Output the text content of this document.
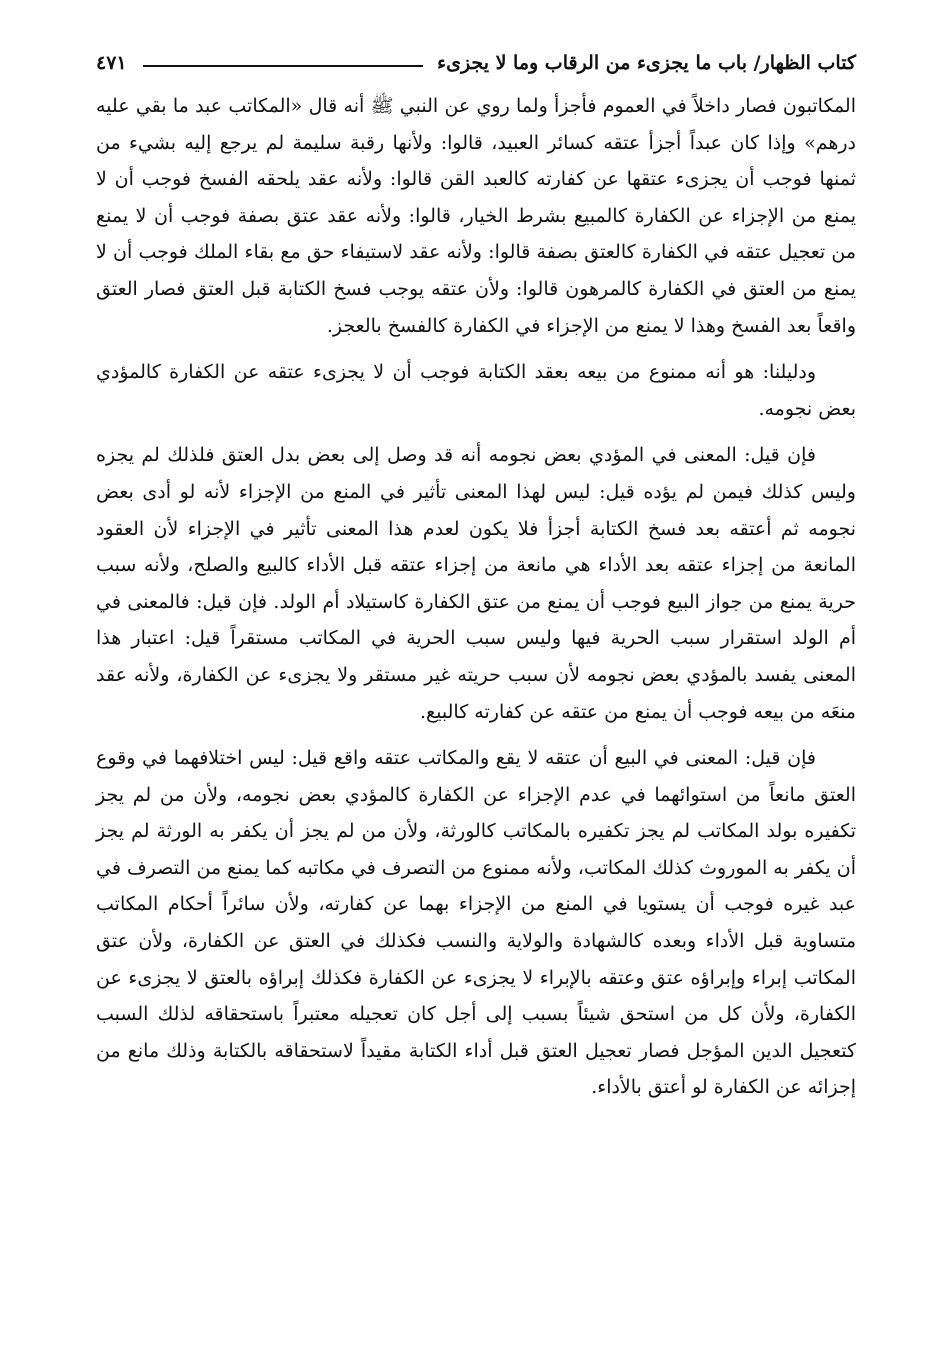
كتاب الظهار/ باب ما يجزىء من الرقاب وما لا يجزىء
٤٧١

المكاتبون فصار داخلاً في العموم فأجزأ ولما روي عن النبي ﷺ أنه قال «المكاتب عبد ما بقي عليه درهم» وإذا كان عبداً أجزأ عتقه كسائر العبيد، قالوا: ولأنها رقبة سليمة لم يرجع إليه بشيء من ثمنها فوجب أن يجزىء عتقها عن كفارته كالعبد القن قالوا: ولأنه عقد يلحقه الفسخ فوجب أن لا يمنع من الإجزاء عن الكفارة كالمبيع بشرط الخيار، قالوا: ولأنه عقد عتق بصفة فوجب أن لا يمنع من تعجيل عتقه في الكفارة كالعتق بصفة قالوا: ولأنه عقد لاستيفاء حق مع بقاء الملك فوجب أن لا يمنع من العتق في الكفارة كالمرهون قالوا: ولأن عتقه يوجب فسخ الكتابة قبل العتق فصار العتق واقعاً بعد الفسخ وهذا لا يمنع من الإجزاء في الكفارة كالفسخ بالعجز.

ودليلنا: هو أنه ممنوع من بيعه بعقد الكتابة فوجب أن لا يجزىء عتقه عن الكفارة كالمؤدي بعض نجومه.

فإن قيل: المعنى في المؤدي بعض نجومه أنه قد وصل إلى بعض بدل العتق فلذلك لم يجزه وليس كذلك فيمن لم يؤده قيل: ليس لهذا المعنى تأثير في المنع من الإجزاء لأنه لو أدى بعض نجومه ثم أعتقه بعد فسخ الكتابة أجزأ فلا يكون لعدم هذا المعنى تأثير في الإجزاء لأن العقود المانعة من إجزاء عتقه بعد الأداء هي مانعة من إجزاء عتقه قبل الأداء كالبيع والصلح، ولأنه سبب حرية يمنع من جواز البيع فوجب أن يمنع من عتق الكفارة كاستيلاد أم الولد. فإن قيل: فالمعنى في أم الولد استقرار سبب الحرية فيها وليس سبب الحرية في المكاتب مستقراً قيل: اعتبار هذا المعنى يفسد بالمؤدي بعض نجومه لأن سبب حريته غير مستقر ولا يجزىء عن الكفارة، ولأنه عقد منعَه من بيعه فوجب أن يمنع من عتقه عن كفارته كالبيع.

فإن قيل: المعنى في البيع أن عتقه لا يقع والمكاتب عتقه واقع قيل: ليس اختلافهما في وقوع العتق مانعاً من استوائهما في عدم الإجزاء عن الكفارة كالمؤدي بعض نجومه، ولأن من لم يجز تكفيره بولد المكاتب لم يجز تكفيره بالمكاتب كالورثة، ولأن من لم يجز أن يكفر به الورثة لم يجز أن يكفر به الموروث كذلك المكاتب، ولأنه ممنوع من التصرف في مكاتبه كما يمنع من التصرف في عبد غيره فوجب أن يستويا في المنع من الإجزاء بهما عن كفارته، ولأن سائراً أحكام المكاتب متساوية قبل الأداء وبعده كالشهادة والولاية والنسب فكذلك في العتق عن الكفارة، ولأن عتق المكاتب إبراء وإبراؤه عتق وعتقه بالإبراء لا يجزىء عن الكفارة فكذلك إبراؤه بالعتق لا يجزىء عن الكفارة، ولأن كل من استحق شيئاً بسبب إلى أجل كان تعجيله معتبراً باستحقاقه لذلك السبب كتعجيل الدين المؤجل فصار تعجيل العتق قبل أداء الكتابة مقيداً لاستحقاقه بالكتابة وذلك مانع من إجزائه عن الكفارة لو أعتق بالأداء.
